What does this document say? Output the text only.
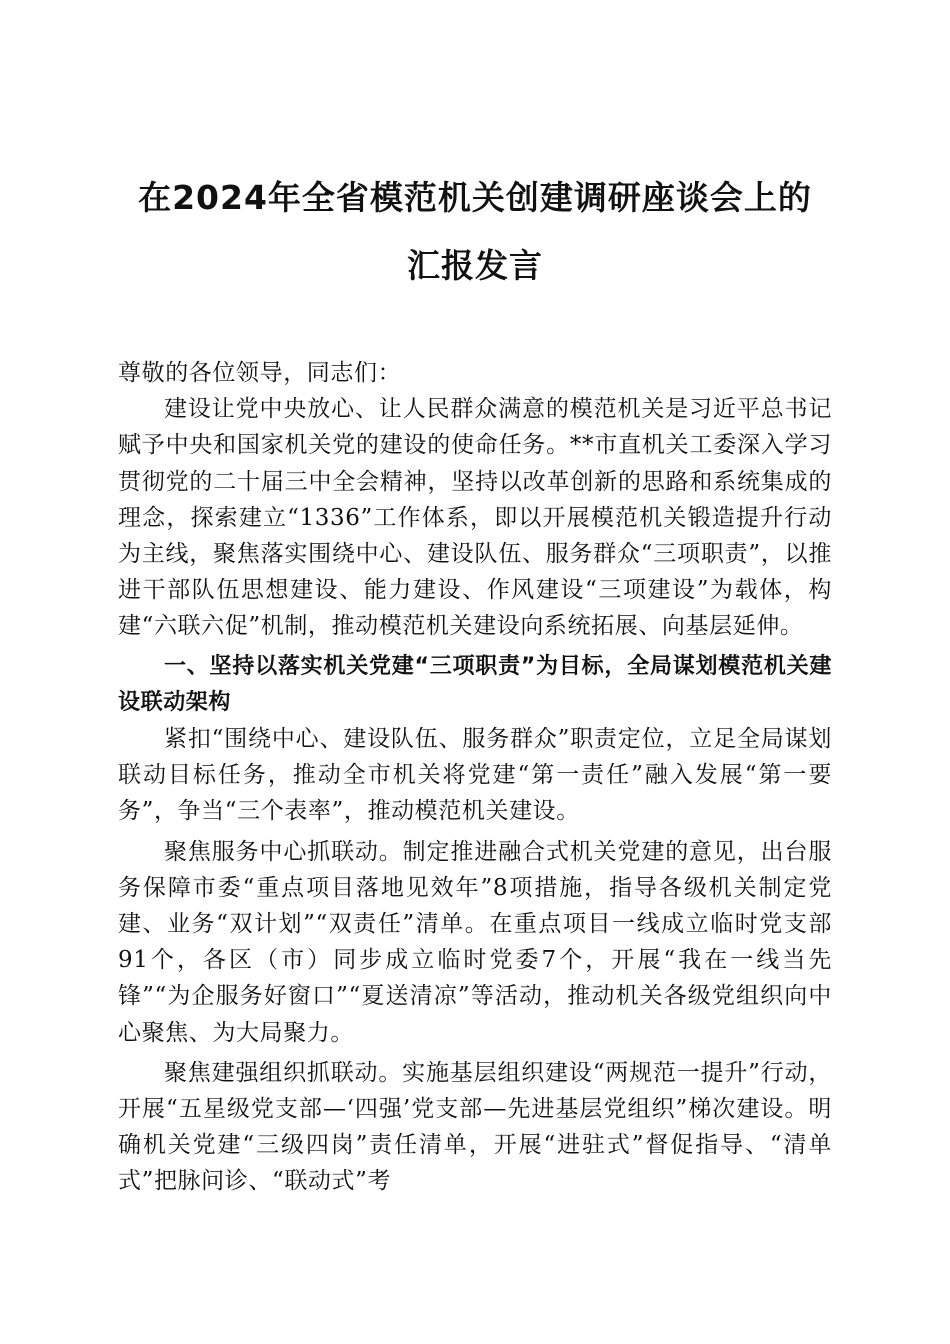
在2024年全省模范机关创建调研座谈会上的
汇报发言

尊敬的各位领导，同志们：

建设让党中央放心、让人民群众满意的模范机关是习近平总书记赋予中央和国家机关党的建设的使命任务。**市直机关工委深入学习贯彻党的二十届三中全会精神，坚持以改革创新的思路和系统集成的理念，探索建立“1336”工作体系，即以开展模范机关锻造提升行动为主线，聚焦落实围绕中心、建设队伍、服务群众“三项职责”，以推进干部队伍思想建设、能力建设、作风建设“三项建设”为载体，构建“六联六促”机制，推动模范机关建设向系统拓展、向基层延伸。

一、坚持以落实机关党建“三项职责”为目标，全局谋划模范机关建设联动架构

紧扣“围绕中心、建设队伍、服务群众”职责定位，立足全局谋划联动目标任务，推动全市机关将党建“第一责任”融入发展“第一要务”，争当“三个表率”，推动模范机关建设。

聚焦服务中心抓联动。制定推进融合式机关党建的意见，出台服务保障市委“重点项目落地见效年”8项措施，指导各级机关制定党建、业务“双计划”“双责任”清单。在重点项目一线成立临时党支部91个，各区（市）同步成立临时党委7个，开展“我在一线当先锋”“为企服务好窗口”“夏送清凉”等活动，推动机关各级党组织向中心聚焦、为大局聚力。

聚焦建强组织抓联动。实施基层组织建设“两规范一提升”行动，开展“五星级党支部—‘四强’党支部—先进基层党组织”梯次建设。明确机关党建“三级四岗”责任清单，开展“进驻式”督促指导、“清单式”把脉问诊、“联动式”考
